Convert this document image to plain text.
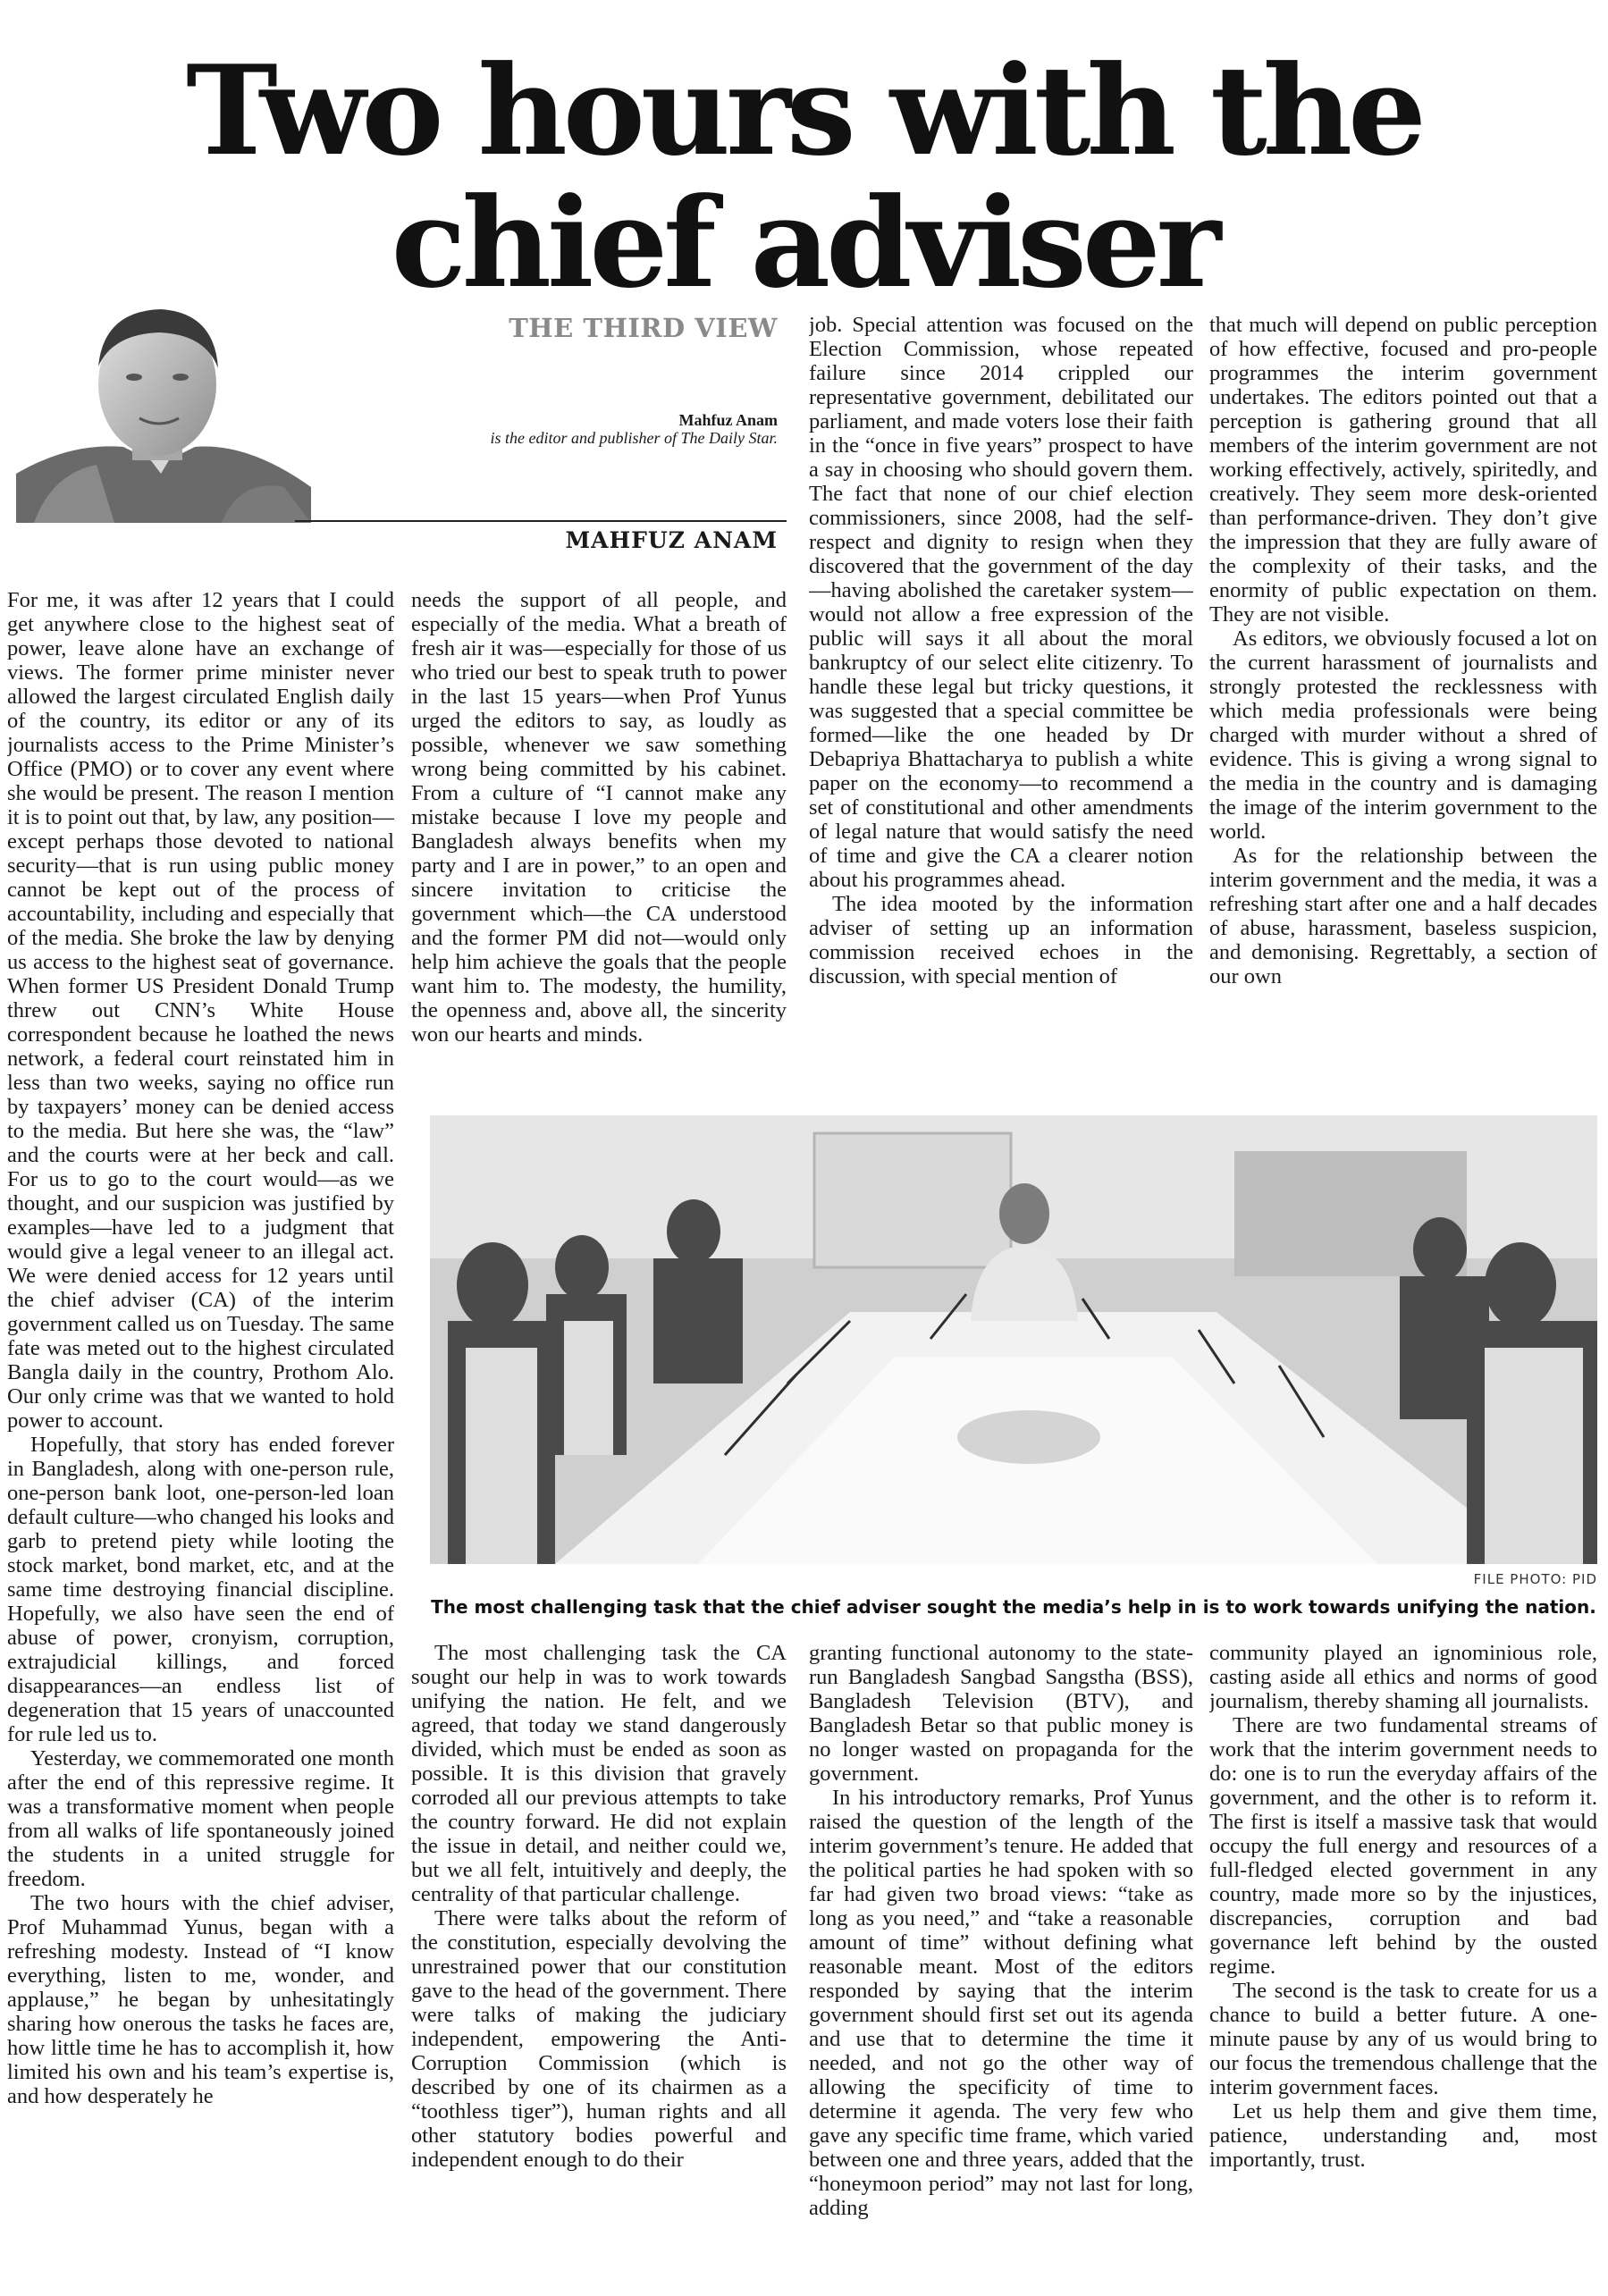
Two hours with the
chief adviser
THE THIRD VIEW
Mahfuz Anam
is the editor and publisher of The Daily Star.
MAHFUZ ANAM

For me, it was after 12 years that I could get anywhere close to the highest seat of power, leave alone have an exchange of views. The former prime minister never allowed the largest circulated English daily of the country, its editor or any of its journalists access to the Prime Minister’s Office (PMO) or to cover any event where she would be present. The reason I mention it is to point out that, by law, any position—except perhaps those devoted to national security—that is run using public money cannot be kept out of the process of accountability, including and especially that of the media. She broke the law by denying us access to the highest seat of governance. When former US President Donald Trump threw out CNN’s White House correspondent because he loathed the news network, a federal court reinstated him in less than two weeks, saying no office run by taxpayers’ money can be denied access to the media. But here she was, the “law” and the courts were at her beck and call. For us to go to the court would—as we thought, and our suspicion was justified by examples—have led to a judgment that would give a legal veneer to an illegal act. We were denied access for 12 years until the chief adviser (CA) of the interim government called us on Tuesday. The same fate was meted out to the highest circulated Bangla daily in the country, Prothom Alo. Our only crime was that we wanted to hold power to account.

Hopefully, that story has ended forever in Bangladesh, along with one-person rule, one-person bank loot, one-person-led loan default culture—who changed his looks and garb to pretend piety while looting the stock market, bond market, etc, and at the same time destroying financial discipline. Hopefully, we also have seen the end of abuse of power, cronyism, corruption, extrajudicial killings, and forced disappearances—an endless list of degeneration that 15 years of unaccounted for rule led us to.

Yesterday, we commemorated one month after the end of this repressive regime. It was a transformative moment when people from all walks of life spontaneously joined the students in a united struggle for freedom.

The two hours with the chief adviser, Prof Muhammad Yunus, began with a refreshing modesty. Instead of “I know everything, listen to me, wonder, and applause,” he began by unhesitatingly sharing how onerous the tasks he faces are, how little time he has to accomplish it, how limited his own and his team’s expertise is, and how desperately he

needs the support of all people, and especially of the media. What a breath of fresh air it was—especially for those of us who tried our best to speak truth to power in the last 15 years—when Prof Yunus urged the editors to say, as loudly as possible, whenever we saw something wrong being committed by his cabinet. From a culture of “I cannot make any mistake because I love my people and Bangladesh always benefits when my party and I are in power,” to an open and sincere invitation to criticise the government which—the CA understood and the former PM did not—would only help him achieve the goals that the people want him to. The modesty, the humility, the openness and, above all, the sincerity won our hearts and minds.

job. Special attention was focused on the Election Commission, whose repeated failure since 2014 crippled our representative government, debilitated our parliament, and made voters lose their faith in the “once in five years” prospect to have a say in choosing who should govern them. The fact that none of our chief election commissioners, since 2008, had the self-respect and dignity to resign when they discovered that the government of the day—having abolished the caretaker system—would not allow a free expression of the public will says it all about the moral bankruptcy of our select elite citizenry. To handle these legal but tricky questions, it was suggested that a special committee be formed—like the one headed by Dr Debapriya Bhattacharya to publish a white paper on the economy—to recommend a set of constitutional and other amendments of legal nature that would satisfy the need of time and give the CA a clearer notion about his programmes ahead.

The idea mooted by the information adviser of setting up an information commission received echoes in the discussion, with special mention of

that much will depend on public perception of how effective, focused and pro-people programmes the interim government undertakes. The editors pointed out that a perception is gathering ground that all members of the interim government are not working effectively, actively, spiritedly, and creatively. They seem more desk-oriented than performance-driven. They don’t give the impression that they are fully aware of the complexity of their tasks, and the enormity of public expectation on them. They are not visible.

As editors, we obviously focused a lot on the current harassment of journalists and strongly protested the recklessness with which media professionals were being charged with murder without a shred of evidence. This is giving a wrong signal to the media in the country and is damaging the image of the interim government to the world.

As for the relationship between the interim government and the media, it was a refreshing start after one and a half decades of abuse, harassment, baseless suspicion, and demonising. Regrettably, a section of our own

FILE PHOTO: PID
The most challenging task that the chief adviser sought the media’s help in is to work towards unifying the nation.

The most challenging task the CA sought our help in was to work towards unifying the nation. He felt, and we agreed, that today we stand dangerously divided, which must be ended as soon as possible. It is this division that gravely corroded all our previous attempts to take the country forward. He did not explain the issue in detail, and neither could we, but we all felt, intuitively and deeply, the centrality of that particular challenge.

There were talks about the reform of the constitution, especially devolving the unrestrained power that our constitution gave to the head of the government. There were talks of making the judiciary independent, empowering the Anti-Corruption Commission (which is described by one of its chairmen as a “toothless tiger”), human rights and all other statutory bodies powerful and independent enough to do their

granting functional autonomy to the state-run Bangladesh Sangbad Sangstha (BSS), Bangladesh Television (BTV), and Bangladesh Betar so that public money is no longer wasted on propaganda for the government.

In his introductory remarks, Prof Yunus raised the question of the length of the interim government’s tenure. He added that the political parties he had spoken with so far had given two broad views: “take as long as you need,” and “take a reasonable amount of time” without defining what reasonable meant. Most of the editors responded by saying that the interim government should first set out its agenda and use that to determine the time it needed, and not go the other way of allowing the specificity of time to determine it agenda. The very few who gave any specific time frame, which varied between one and three years, added that the “honeymoon period” may not last for long, adding

community played an ignominious role, casting aside all ethics and norms of good journalism, thereby shaming all journalists.

There are two fundamental streams of work that the interim government needs to do: one is to run the everyday affairs of the government, and the other is to reform it. The first is itself a massive task that would occupy the full energy and resources of a full-fledged elected government in any country, made more so by the injustices, discrepancies, corruption and bad governance left behind by the ousted regime.

The second is the task to create for us a chance to build a better future. A one-minute pause by any of us would bring to our focus the tremendous challenge that the interim government faces.

Let us help them and give them time, patience, understanding and, most importantly, trust.
